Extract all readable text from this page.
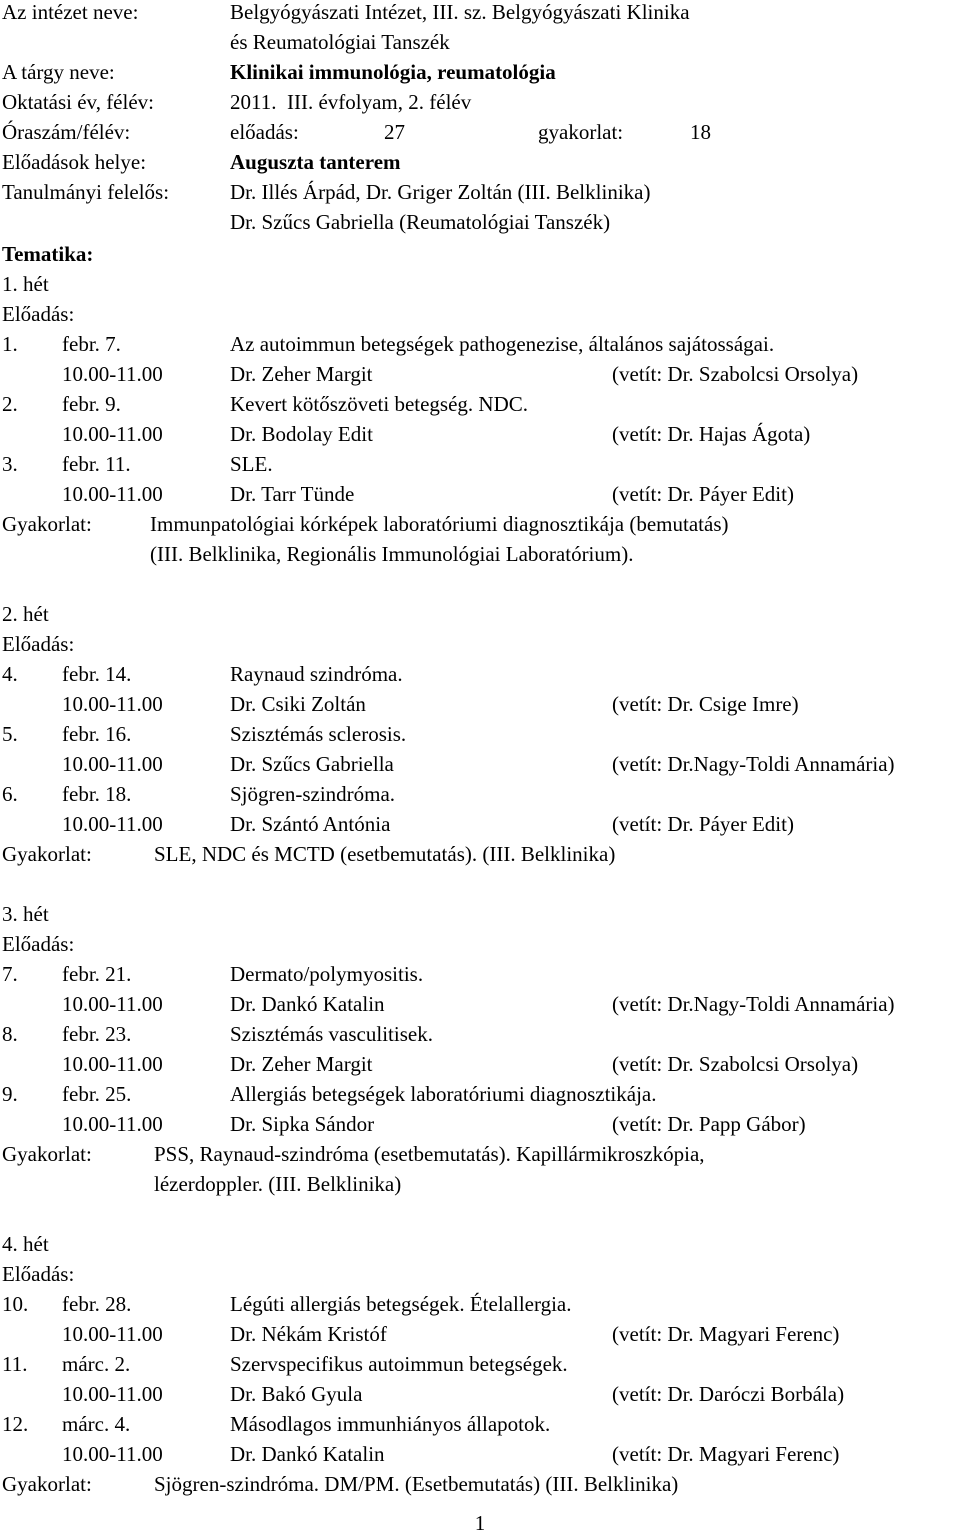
Az intézet neve:	Belgyógyászati Intézet, III. sz. Belgyógyászati Klinika
és Reumatológiai Tanszék
A tárgy neve:	Klinikai immunológia, reumatológia
Oktatási év, félév:	2011.  III. évfolyam, 2. félév
Óraszám/félév:	előadás:	27	gyakorlat:	18
Előadások helye:	Auguszta tanterem
Tanulmányi felelős:	Dr. Illés Árpád, Dr. Griger Zoltán (III. Belklinika)
Dr. Szűcs Gabriella (Reumatológiai Tanszék)
Tematika:
1. hét
Előadás:
1. febr. 7.	Az autoimmun betegségek pathogenezise, általános sajátosságai.
10.00-11.00	Dr. Zeher Margit	(vetít: Dr. Szabolcsi Orsolya)
2. febr. 9.	Kevert kötőszöveti betegség. NDC.
10.00-11.00	Dr. Bodolay Edit	(vetít: Dr. Hajas Ágota)
3. febr. 11.	SLE.
10.00-11.00	Dr. Tarr Tünde	(vetít: Dr. Páyer Edit)
Gyakorlat:	Immunpatológiai kórképek laboratóriumi diagnosztikája (bemutatás)
(III. Belklinika, Regionális Immunológiai Laboratórium).
2. hét
Előadás:
4. febr. 14.	Raynaud szindróma.
10.00-11.00	Dr. Csiki Zoltán	(vetít: Dr. Csige Imre)
5. febr. 16.	Szisztémás sclerosis.
10.00-11.00	Dr. Szűcs Gabriella	(vetít: Dr.Nagy-Toldi Annamária)
6. febr. 18.	Sjögren-szindróma.
10.00-11.00	Dr. Szántó Antónia	(vetít: Dr. Páyer Edit)
Gyakorlat:	SLE, NDC és MCTD (esetbemutatás). (III. Belklinika)
3. hét
Előadás:
7. febr. 21.	Dermato/polymyositis.
10.00-11.00	Dr. Dankó Katalin	(vetít: Dr.Nagy-Toldi Annamária)
8. febr. 23.	Szisztémás vasculitisek.
10.00-11.00	Dr. Zeher Margit	(vetít: Dr. Szabolcsi Orsolya)
9. febr. 25.	Allergiás betegségek laboratóriumi diagnosztikája.
10.00-11.00	Dr. Sipka Sándor	(vetít: Dr. Papp Gábor)
Gyakorlat:	PSS, Raynaud-szindróma (esetbemutatás). Kapillármikroszkópia,
lézerdoppler. (III. Belklinika)
4. hét
Előadás:
10. febr. 28.	Légúti allergiás betegségek. Ételallergia.
10.00-11.00	Dr. Nékám Kristóf	(vetít: Dr. Magyari Ferenc)
11. márc. 2.	Szervspecifikus autoimmun betegségek.
10.00-11.00	Dr. Bakó Gyula	(vetít: Dr. Daróczi Borbála)
12. márc. 4.	Másodlagos immunhiányos állapotok.
10.00-11.00	Dr. Dankó Katalin	(vetít: Dr. Magyari Ferenc)
Gyakorlat:	Sjögren-szindróma. DM/PM. (Esetbemutatás) (III. Belklinika)
1
